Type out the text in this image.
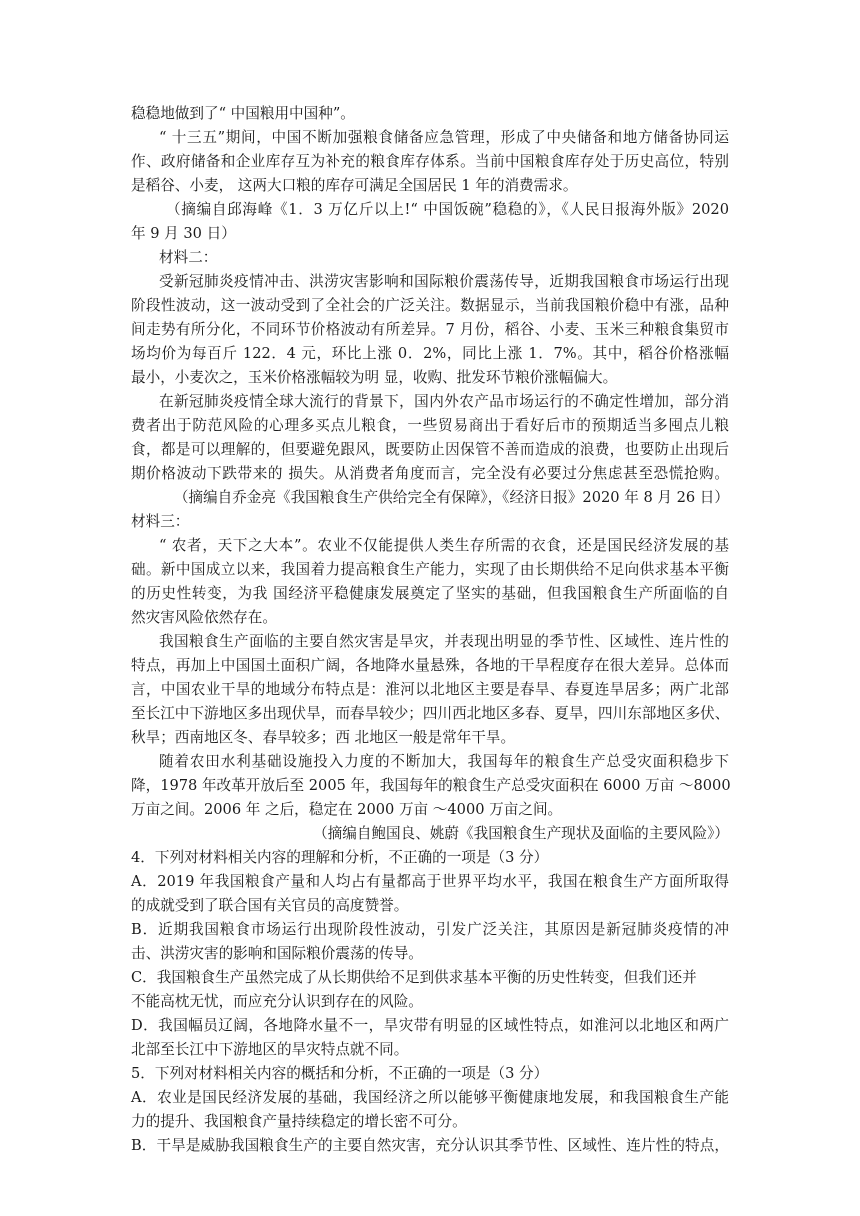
稳稳地做到了“ 中国粮用中国种”。
“ 十三五”期间，中国不断加强粮食储备应急管理，形成了中央储备和地方储备协同运
作、政府储备和企业库存互为补充的粮食库存体系。当前中国粮食库存处于历史高位，特别
是稻谷、小麦， 这两大口粮的库存可满足全国居民 1 年的消费需求。
（摘编自邱海峰《1．3 万亿斤以上!“ 中国饭碗”稳稳的》，《人民日报海外版》2020
年 9 月 30 日）
材料二：
受新冠肺炎疫情冲击、洪涝灾害影响和国际粮价震荡传导，近期我国粮食市场运行出现
阶段性波动，这一波动受到了全社会的广泛关注。数据显示，当前我国粮价稳中有涨，品种
间走势有所分化，不同环节价格波动有所差异。7 月份，稻谷、小麦、玉米三种粮食集贸市
场均价为每百斤 122．4 元，环比上涨 0．2%，同比上涨 1．7%。其中，稻谷价格涨幅
最小，小麦次之，玉米价格涨幅较为明 显，收购、批发环节粮价涨幅偏大。
在新冠肺炎疫情全球大流行的背景下，国内外农产品市场运行的不确定性增加，部分消
费者出于防范风险的心理多买点儿粮食，一些贸易商出于看好后市的预期适当多囤点儿粮
食，都是可以理解的，但要避免跟风，既要防止因保管不善而造成的浪费，也要防止出现后
期价格波动下跌带来的 损失。从消费者角度而言，完全没有必要过分焦虑甚至恐慌抢购。
（摘编自乔金亮《我国粮食生产供给完全有保障》，《经济日报》2020 年 8 月 26 日）
材料三：
“ 农者，天下之大本”。农业不仅能提供人类生存所需的衣食，还是国民经济发展的基
础。新中国成立以来，我国着力提高粮食生产能力，实现了由长期供给不足向供求基本平衡
的历史性转变，为我 国经济平稳健康发展奠定了坚实的基础，但我国粮食生产所面临的自
然灾害风险依然存在。
我国粮食生产面临的主要自然灾害是旱灾，并表现出明显的季节性、区域性、连片性的
特点，再加上中国国土面积广阔，各地降水量悬殊，各地的干旱程度存在很大差异。总体而
言，中国农业干旱的地域分布特点是：淮河以北地区主要是春旱、春夏连旱居多；两广北部
至长江中下游地区多出现伏旱，而春旱较少；四川西北地区多春、夏旱，四川东部地区多伏、
秋旱；西南地区冬、春旱较多；西 北地区一般是常年干旱。
随着农田水利基础设施投入力度的不断加大，我国每年的粮食生产总受灾面积稳步下
降，1978 年改革开放后至 2005 年，我国每年的粮食生产总受灾面积在 6000 万亩 ～8000
万亩之间。2006 年 之后，稳定在 2000 万亩 ～4000 万亩之间。
（摘编自鲍国良、姚蔚《我国粮食生产现状及面临的主要风险》）
4．下列对材料相关内容的理解和分析，不正确的一项是（3 分）
A．2019 年我国粮食产量和人均占有量都高于世界平均水平，我国在粮食生产方面所取得
的成就受到了联合国有关官员的高度赞誉。
B．近期我国粮食市场运行出现阶段性波动，引发广泛关注，其原因是新冠肺炎疫情的冲
击、洪涝灾害的影响和国际粮价震荡的传导。
C．我国粮食生产虽然完成了从长期供给不足到供求基本平衡的历史性转变，但我们还并
不能高枕无忧，而应充分认识到存在的风险。
D．我国幅员辽阔，各地降水量不一，旱灾带有明显的区域性特点，如淮河以北地区和两广
北部至长江中下游地区的旱灾特点就不同。
5．下列对材料相关内容的概括和分析，不正确的一项是（3 分）
A．农业是国民经济发展的基础，我国经济之所以能够平衡健康地发展，和我国粮食生产能
力的提升、我国粮食产量持续稳定的增长密不可分。
B．干旱是威胁我国粮食生产的主要自然灾害，充分认识其季节性、区域性、连片性的特点，
